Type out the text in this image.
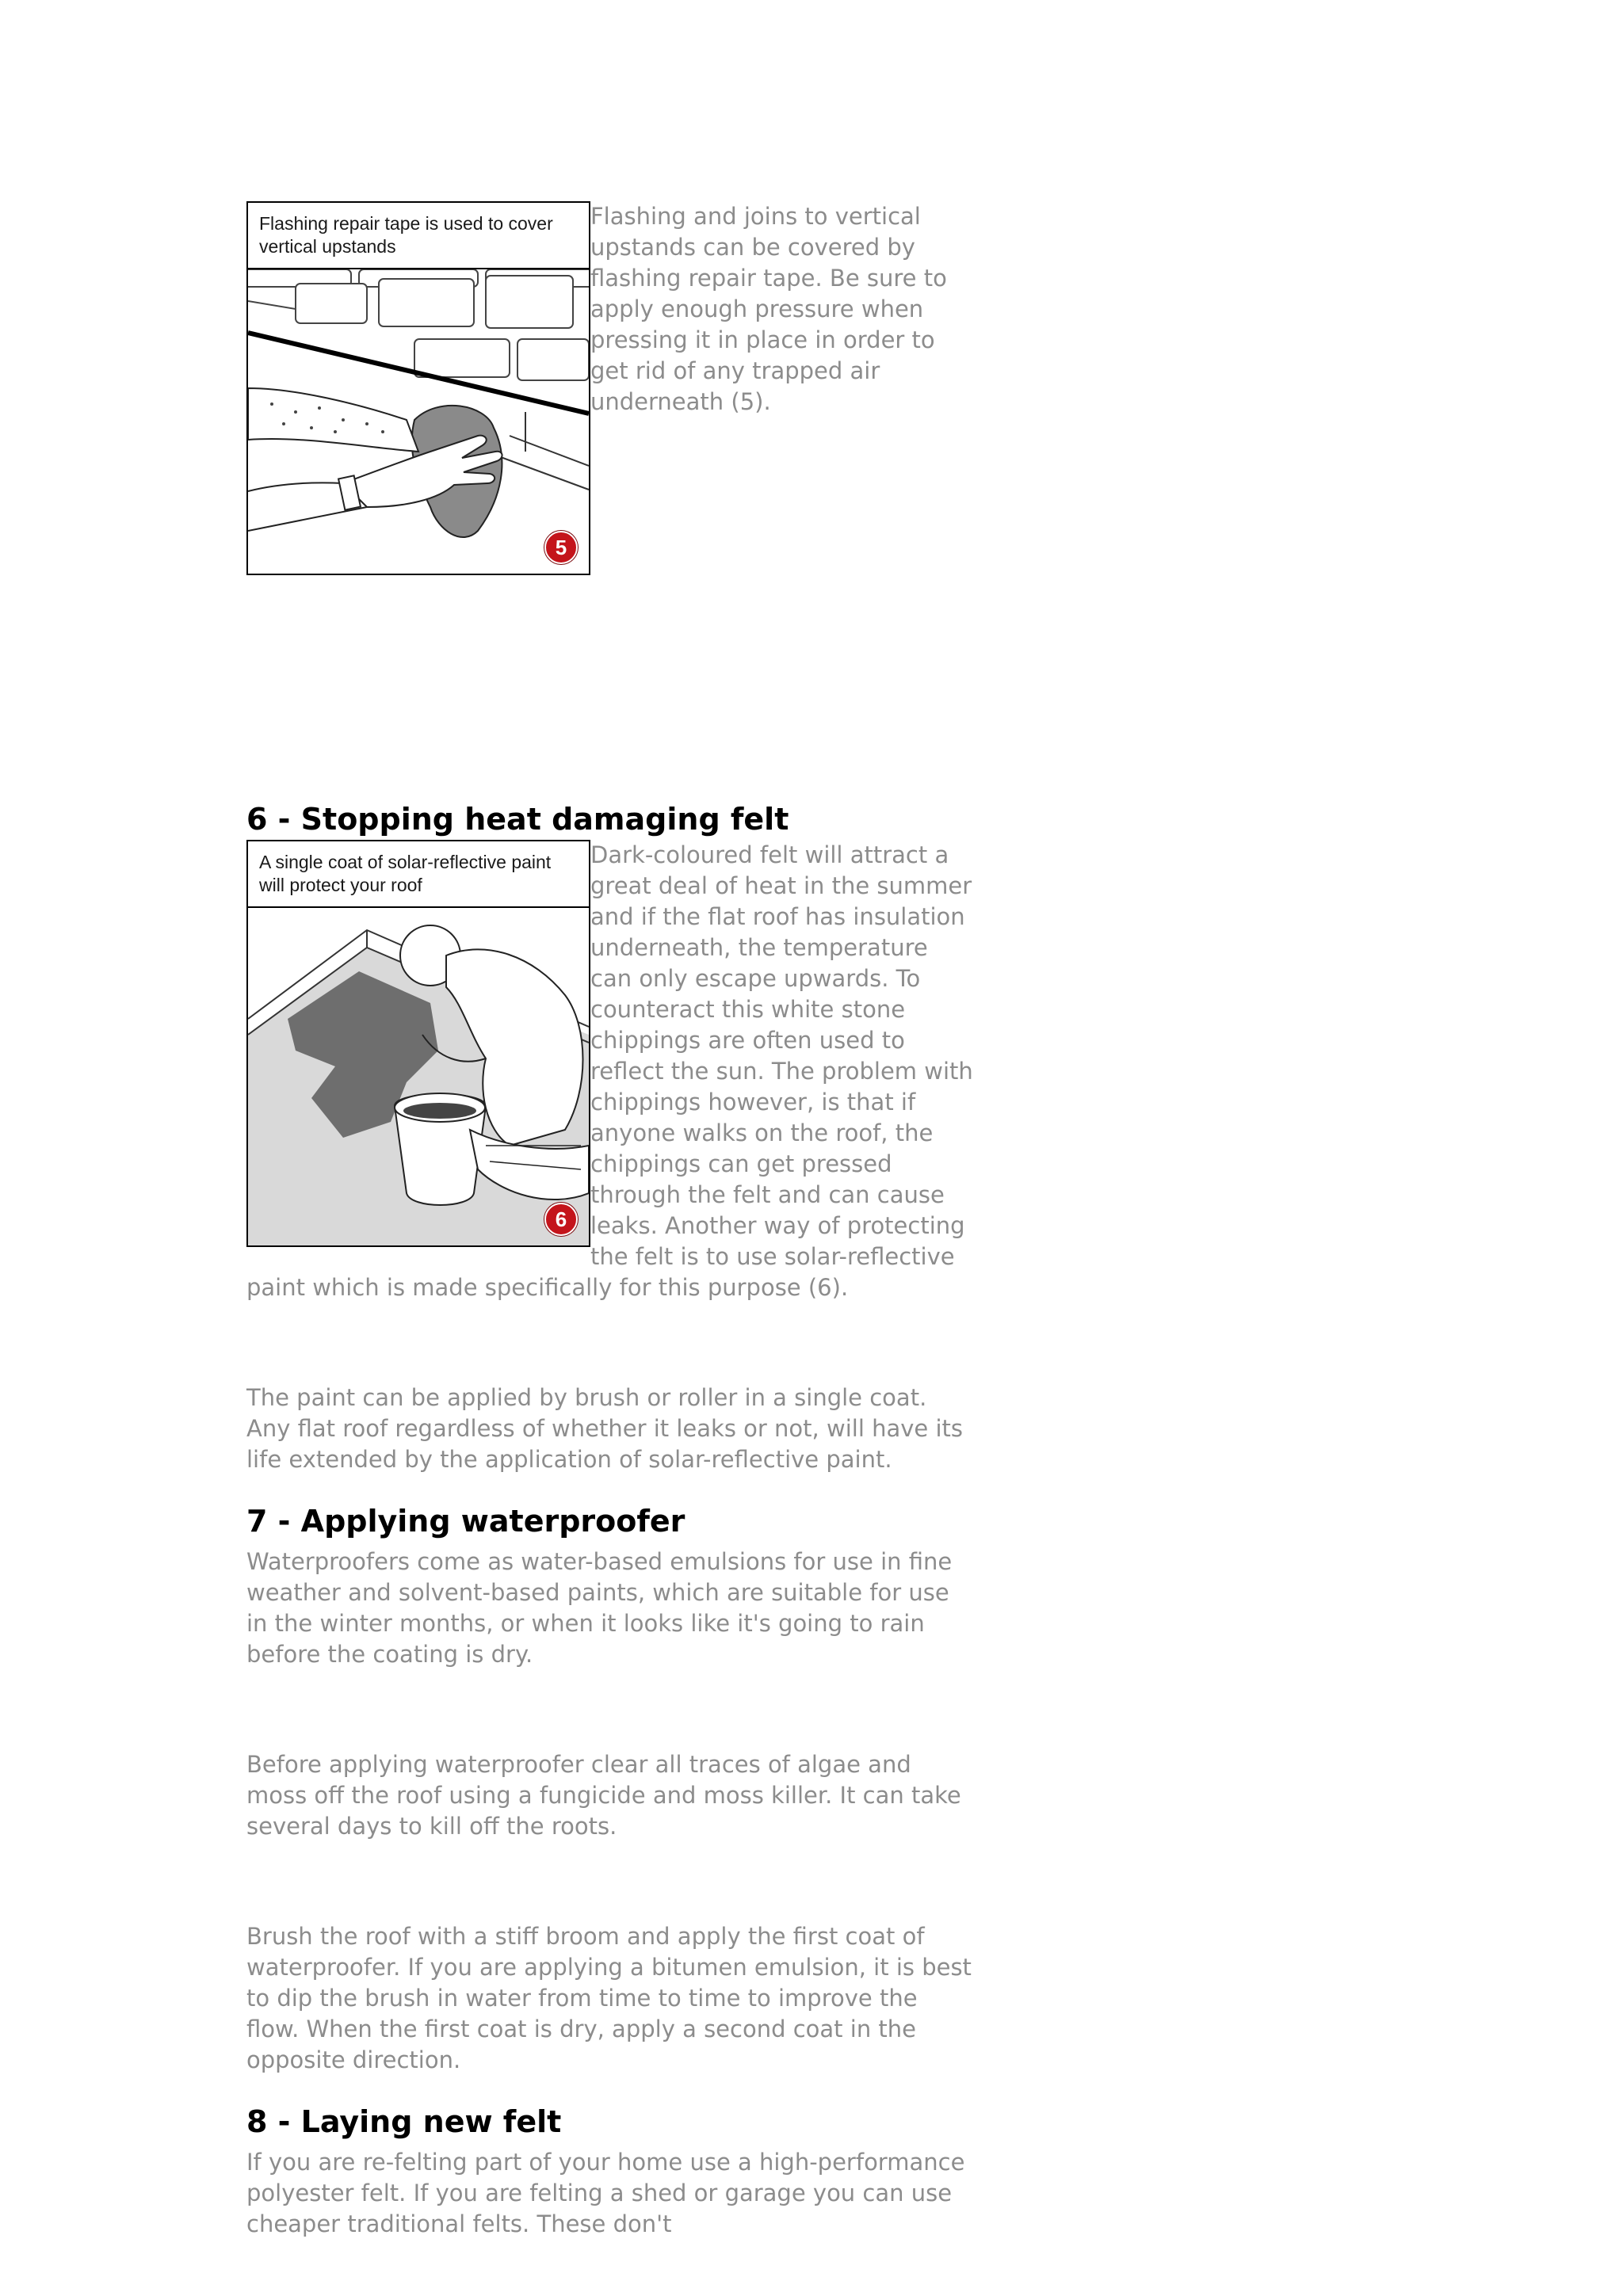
Flashing repair tape is used to cover vertical upstands
5

Flashing and joins to vertical upstands can be covered by flashing repair tape. Be sure to apply enough pressure when pressing it in place in order to get rid of any trapped air underneath (5).

6 - Stopping heat damaging felt
A single coat of solar-reflective paint will protect your roof
6

Dark-coloured felt will attract a great deal of heat in the summer and if the flat roof has insulation underneath, the temperature can only escape upwards. To counteract this white stone chippings are often used to reflect the sun. The problem with chippings however, is that if anyone walks on the roof, the chippings can get pressed through the felt and can cause leaks. Another way of protecting the felt is to use solar-reflective paint which is made specifically for this purpose (6).

The paint can be applied by brush or roller in a single coat. Any flat roof regardless of whether it leaks or not, will have its life extended by the application of solar-reflective paint.

7 - Applying waterproofer

Waterproofers come as water-based emulsions for use in fine weather and solvent-based paints, which are suitable for use in the winter months, or when it looks like it's going to rain before the coating is dry.

Before applying waterproofer clear all traces of algae and moss off the roof using a fungicide and moss killer. It can take several days to kill off the roots.

Brush the roof with a stiff broom and apply the first coat of waterproofer. If you are applying a bitumen emulsion, it is best to dip the brush in water from time to time to improve the flow. When the first coat is dry, apply a second coat in the opposite direction.

8 - Laying new felt

If you are re-felting part of your home use a high-performance polyester felt. If you are felting a shed or garage you can use cheaper traditional felts. These don't
